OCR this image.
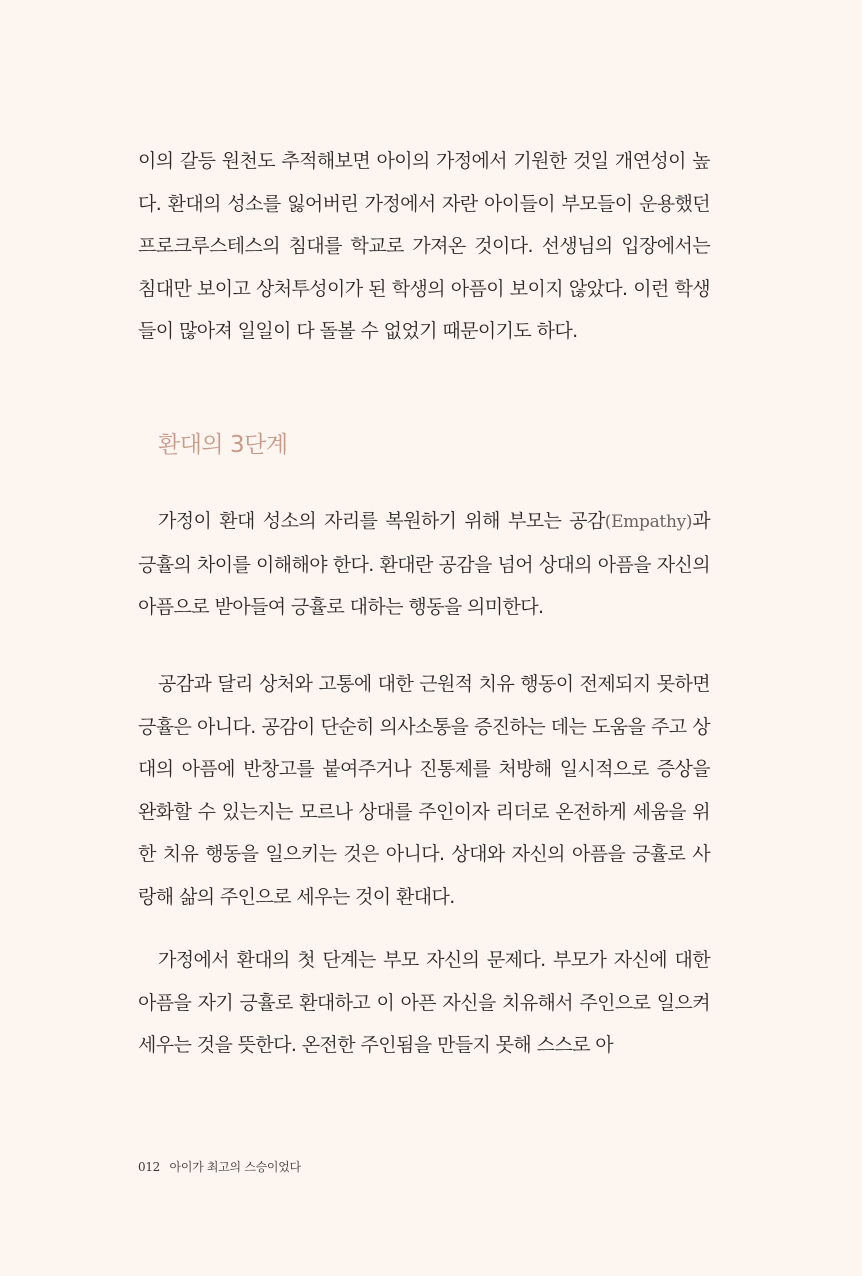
이의 갈등 원천도 추적해보면 아이의 가정에서 기원한 것일 개연성이 높다. 환대의 성소를 잃어버린 가정에서 자란 아이들이 부모들이 운용했던 프로크루스테스의 침대를 학교로 가져온 것이다. 선생님의 입장에서는 침대만 보이고 상처투성이가 된 학생의 아픔이 보이지 않았다. 이런 학생들이 많아져 일일이 다 돌볼 수 없었기 때문이기도 하다.

환대의 3단계

가정이 환대 성소의 자리를 복원하기 위해 부모는 공감(Empathy)과 긍휼의 차이를 이해해야 한다. 환대란 공감을 넘어 상대의 아픔을 자신의 아픔으로 받아들여 긍휼로 대하는 행동을 의미한다.

공감과 달리 상처와 고통에 대한 근원적 치유 행동이 전제되지 못하면 긍휼은 아니다. 공감이 단순히 의사소통을 증진하는 데는 도움을 주고 상대의 아픔에 반창고를 붙여주거나 진통제를 처방해 일시적으로 증상을 완화할 수 있는지는 모르나 상대를 주인이자 리더로 온전하게 세움을 위한 치유 행동을 일으키는 것은 아니다. 상대와 자신의 아픔을 긍휼로 사랑해 삶의 주인으로 세우는 것이 환대다.

가정에서 환대의 첫 단계는 부모 자신의 문제다. 부모가 자신에 대한 아픔을 자기 긍휼로 환대하고 이 아픈 자신을 치유해서 주인으로 일으켜 세우는 것을 뜻한다. 온전한 주인됨을 만들지 못해 스스로 아

012 아이가 최고의 스승이었다
